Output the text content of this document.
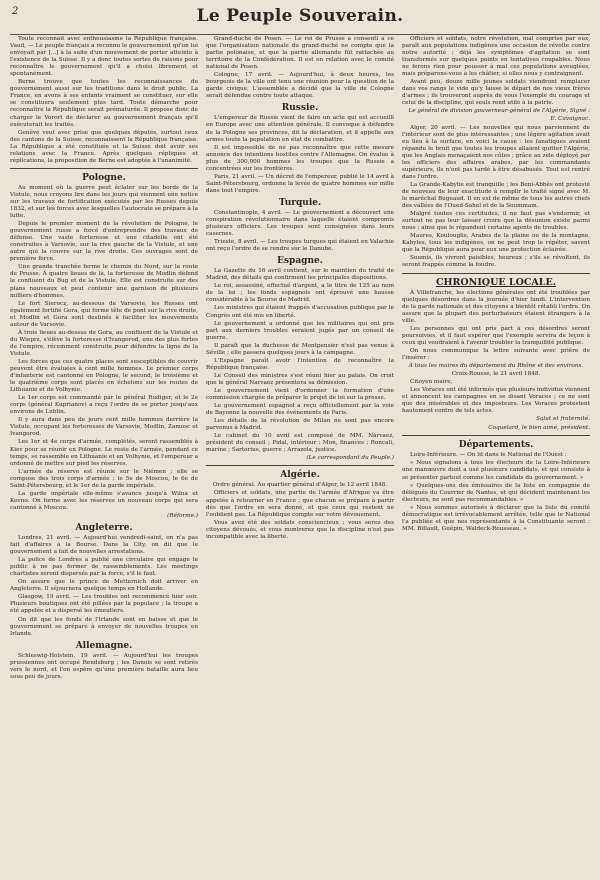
2	Le Peuple Souverain.

Toute reconnaît avec enthousiasme la République française. Vaud, — Le peuple français a reconnu le gouvernement qu'on lui envoyait par [...] à la suite d'un mouvement de porter atteinte à l'existence de la Suisse. Il y a donc toutes sortes de raisons pour reconnaître le gouvernement qu'il a choisi librement et spontanément.

Berne trouve que toutes les reconnaissances du gouvernement aussi sur les traditions dans le droit public. La France, en avons à ses enfants vraiment se constituer, sur elle se constituera seulement plus tard. Toute démarche pour reconnaître la République serait prématurée. Il propose donc de charger le Vorort de déclarer au gouvernement français qu'il exécuterait les traités.

Genève veut avec prise que quelques députés, surtout ceux des cantons de la Suisse, reconnaissent la République française. La République a été constituée et la Suisse doit avoir ses relations avec la France. Après quelques répliques et réplications, la proposition de Berne est adoptée à l'unanimité.

Pologne.

Au moment où la guerre peut éclater sur les bords de la Vistule, nous croyons lire dans les jours qui viennent une notice sur les travaux de fortification exécutés par les Russes depuis 1832, et sur les forces avec lesquelles l'autocrate se prépare à la lutte.

Depuis le premier moment de la révolution de Pologne, le gouvernement russe a forcé d'entreprendre des travaux de défense. Une vaste forteresse et une citadelle ont été construites à Varsovie, sur la rive gauche de la Vistule, et une autre qui la couvre sur la rive droite. Ces ouvrages sont de première force.

Une grande tranchée ferme le chemin du Nord, sur la route de Prusse. À quatre lieues de là, la forteresse de Modlin défend le confluent du Bug et de la Vistule. Elle est construite sur des plans nouveaux et peut contenir une garnison de plusieurs milliers d'hommes.

Le fort Sierocz, au-dessous de Varsovie, les Russes ont également fortifié Gora, qui forme tête de pont sur la rive droite, et Modlin et Gora sont destinés à faciliter les mouvements autour de Varsovie.

À trois lieues au-dessus de Gora, au confluent de la Vistule et du Wieprz, s'élève la forteresse d'Ivangorod, une des plus fortes de l'empire, récemment construite pour défendre la ligne de la Vistule.

Les forces que ces quatre places sont susceptibles de couvrir peuvent être évaluées à cent mille hommes. Le premier corps d'infanterie est cantonné en Pologne, le second, le troisième et le quatrième corps sont placés en échelons sur les routes de Lithuanie et de Volhynie.

Le 1er corps est commandé par le général Rudiger, et le 2e corps (général Kuprianov) a reçu l'ordre de se porter jusqu'aux environs de Lublin.

Il y aura dans peu de jours cent mille hommes derrière la Vistule, occupant les forteresses de Varsovie, Modlin, Zamosc et Ivangorod.

Les 1er et 4e corps d'armée, complétés, seront rassemblés à Kiev pour se réunir en Pologne. Le reste de l'armée, pendant ce temps, se rassemble en Lithuanie et en Volhynie, et l'empereur a ordonné de mettre sur pied les réserves.

L'armée de réserve est réunie sur le Niémen ; elle se compose des trois corps d'armée ; le 5e de Moscou, le 6e de Saint-Pétersbourg, et le 1er de la garde impériale.

La garde impériale elle-même s'avance jusqu'à Wilna et Kovno. On forme avec les réserves un nouveau corps qui sera cantonné à Moscou.

(Réforme.)
Angleterre.

Londres, 21 avril. — Aujourd'hui vendredi-saint, on n'a pas fait d'affaires à la Bourse. Dans la City, on dit que le gouvernement a fait de nouvelles arrestations.

La police de Londres a publié une circulaire qui engage le public à ne pas former de rassemblements. Les meetings chartistes seront dispersés par la force, s'il le faut.

On assure que le prince de Metternich doit arriver en Angleterre. Il séjournera quelque temps en Hollande.

Glasgow, 19 avril. — Les troubles ont recommencé hier soir. Plusieurs boutiques ont été pillées par la populace ; la troupe a été appelée et a dispersé les émeutiers.

On dit que les fonds de l'Irlande sont en baisse et que le gouvernement se prépare à envoyer de nouvelles troupes en Irlande.

Allemagne.

Schleswig-Holstein, 19 avril. — Aujourd'hui les troupes prussiennes ont occupé Rendsburg ; les Danois se sont retirés vers le nord, et l'on espère qu'une première bataille aura lieu sous peu de jours.

Grand-duché de Posen. — Le roi de Prusse a consenti à ce que l'organisation nationale du grand-duché ne compte que la partie polonaise, et que la partie allemande fût rattachée au territoire de la Confédération. Il est en relation avec le comité national de Posen.

Cologne, 17 avril. — Aujourd'hui, à deux heures, les bourgeois de la ville ont tenu une réunion pour la question de la garde civique. L'assemblée a décidé que la ville de Cologne serait défendue contre toute attaque.

Russie.

L'empereur de Russie vient de faire un acte qui est accueilli en Europe avec une attention générale. Il convoque à défendre de la Pologne ses provinces, dit la déclaration, et il appelle aux armes toute la population en état de combattre.

Il est impossible de ne pas reconnaître que cette mesure annonce des intentions hostiles contre l'Allemagne. On évalue à plus de 300,000 hommes les troupes que la Russie a concentrées sur les frontières.

Paris, 21 avril. — Un décret de l'empereur, publié le 14 avril à Saint-Pétersbourg, ordonne la levée de quatre hommes sur mille dans tout l'empire.

Turquie.

Constantinople, 4 avril. — Le gouvernement a découvert une conspiration révolutionnaire dans laquelle étaient compromis plusieurs officiers. Les troupes sont consignées dans leurs casernes.

Trieste, 8 avril. — Les troupes turques qui étaient en Valachie ont reçu l'ordre de se rendre sur le Danube.

Espagne.

La Gazette du 16 avril contient, sur le maintien du traité de Madrid, des détails qui confirment les principales dispositions.

Le roi, assassiné, effectué d'argent, a le titre de 125 au nom de la loi ; les fonds espagnols ont éprouvé une hausse considérable à la Bourse de Madrid.

Les ministres qui étaient frappés d'accusation publique par le Congrès ont été mis en liberté.

Le gouvernement a ordonné que les militaires qui ont pris part aux derniers troubles seraient jugés par un conseil de guerre.

Il paraît que la duchesse de Montpensier n'est pas venue à Séville ; elle passera quelques jours à la campagne.

L'Espagne paraît avoir l'intention de reconnaître la République française.

Le Conseil des ministres s'est réuni hier au palais. On croit que le général Narvaez présentera sa démission.

Le gouvernement vient d'ordonner la formation d'une commission chargée de préparer le projet de loi sur la presse.

Le gouvernement espagnol a reçu officiellement par la voie de Bayonne la nouvelle des événements de Paris.

Les détails de la révolution de Milan ne sont pas encore parvenus à Madrid.

Le cabinet du 10 avril est composé de MM. Narvaez, président du conseil ; Pidal, intérieur ; Mon, finances ; Roncali, marine ; Sartorius, guerre ; Arrazola, justice.

(Le correspondant du Peuple.)
Algérie.

Ordre général. Au quartier général d'Alger, le 12 avril 1848.

Officiers et soldats, une partie de l'armée d'Afrique va être appelée à retourner en France ; que chacun se prépare à partir dès que l'ordre en sera donné, et que ceux qui restent ne l'oublient pas. La République compte sur votre dévouement.

Vous avez été des soldats consciencieux ; vous serez des citoyens dévoués, et vous montrerez que la discipline n'est pas incompatible avec la liberté.

Officiers et soldats, notre révolution, mal comprise par eux, paraît aux populations indigènes une occasion de révolte contre notre autorité ; déjà les symptômes d'agitation se sont transformés sur quelques points en tentatives coupables. Nous ne ferons rien pour pousser à mal ces populations aveuglées, mais préparons-vous à les châtier, si elles nous y contraignent.

Avant peu, douze mille jeunes soldats viendront remplacer dans vos rangs le vide qu'y laisse le départ de nos vieux frères d'armes ; ils trouveront auprès de vous l'exemple du courage et celui de la discipline, qui seuls rend utile à la patrie.

Le général de division gouverneur-général de l'Algérie, Signé : E. Cavaignac.

Alger, 20 avril. — Les nouvelles qui nous parviennent de l'intérieur sont de plus intéressantes ; une légère agitation avait eu lieu à la surface, en voici la cause : les fanatiques avaient répandu le bruit que toutes les troupes allaient quitter l'Algérie, que les Anglais menaçaient nos côtes ; grâce au zèle déployé par les officiers des affaires arabes, par les commandants supérieurs, ils n'ont pas tardé à être désabusés. Tout est rentré dans l'ordre.

La Grande-Kabylie est tranquille ; les Beni-Abbès ont protesté de nouveau de leur exactitude à remplir le traité signé avec M. le maréchal Bugeaud. Il en est de même de tous les autres chefs des vallées de l'Oued-Sahel et de la Soummam.

Malgré toutes ces certitudes, il ne faut pas s'endormir, et surtout ne pas leur laisser croire que la désunion existe parmi nous ; ainsi que le répandent certains agents de troubles.

Maures, Koulouglis, Arabes de la plaine ou de la montagne, Kabyles, tous les indigènes, on ne peut trop le répéter, savent que la République aura pour eux une protection éclairée.

Soumis, ils vivront paisibles, heureux ; s'ils se révoltent, ils seront frappés comme la foudre.

CHRONIQUE LOCALE.

À Villefranche, les élections générales ont été troublées par quelques désordres dans la journée d'hier lundi. L'intervention de la garde nationale et des citoyens a bientôt rétabli l'ordre. On assure que la plupart des perturbateurs étaient étrangers à la ville.

Les personnes qui ont pris part à ces désordres seront poursuivies, et il faut espérer que l'exemple servira de leçon à ceux qui voudraient à l'avenir troubler la tranquillité publique.

On nous communique la lettre suivante avec prière de l'insérer :

À tous les maires du département du Rhône et des environs.

Croix-Rousse, le 21 avril 1848.

Citoyen maire,

Les Voraces ont été informés que plusieurs individus viennent et annoncent les campagnes en se disant Voraces ; ce ne sont que des misérables et des imposteurs. Les Voraces protestent hautement contre de tels actes.

Salut et fraternité.
Coquelard, le bien aimé, président.
Départements.

Loire-Inférieure. — On lit dans le National de l'Ouest :

« Nous signalons à tous les électeurs de la Loire-Inférieure une manœuvre dont a usé plusieurs candidats, et qui consiste à se présenter partout comme les candidats du gouvernement. »

« Quelques-uns des émissaires de la liste en compagnie de délégués du Courrier de Nantes, et qui décident maintenant les électeurs, ne sont pas recommandables. »

« Nous sommes autorisés à déclarer que la liste du comité démocratique est irrévocablement arrêtée, telle que le National l'a publiée et que nos représentants à la Constituante seront : MM. Billault, Guépin, Waldeck-Rousseau. »
